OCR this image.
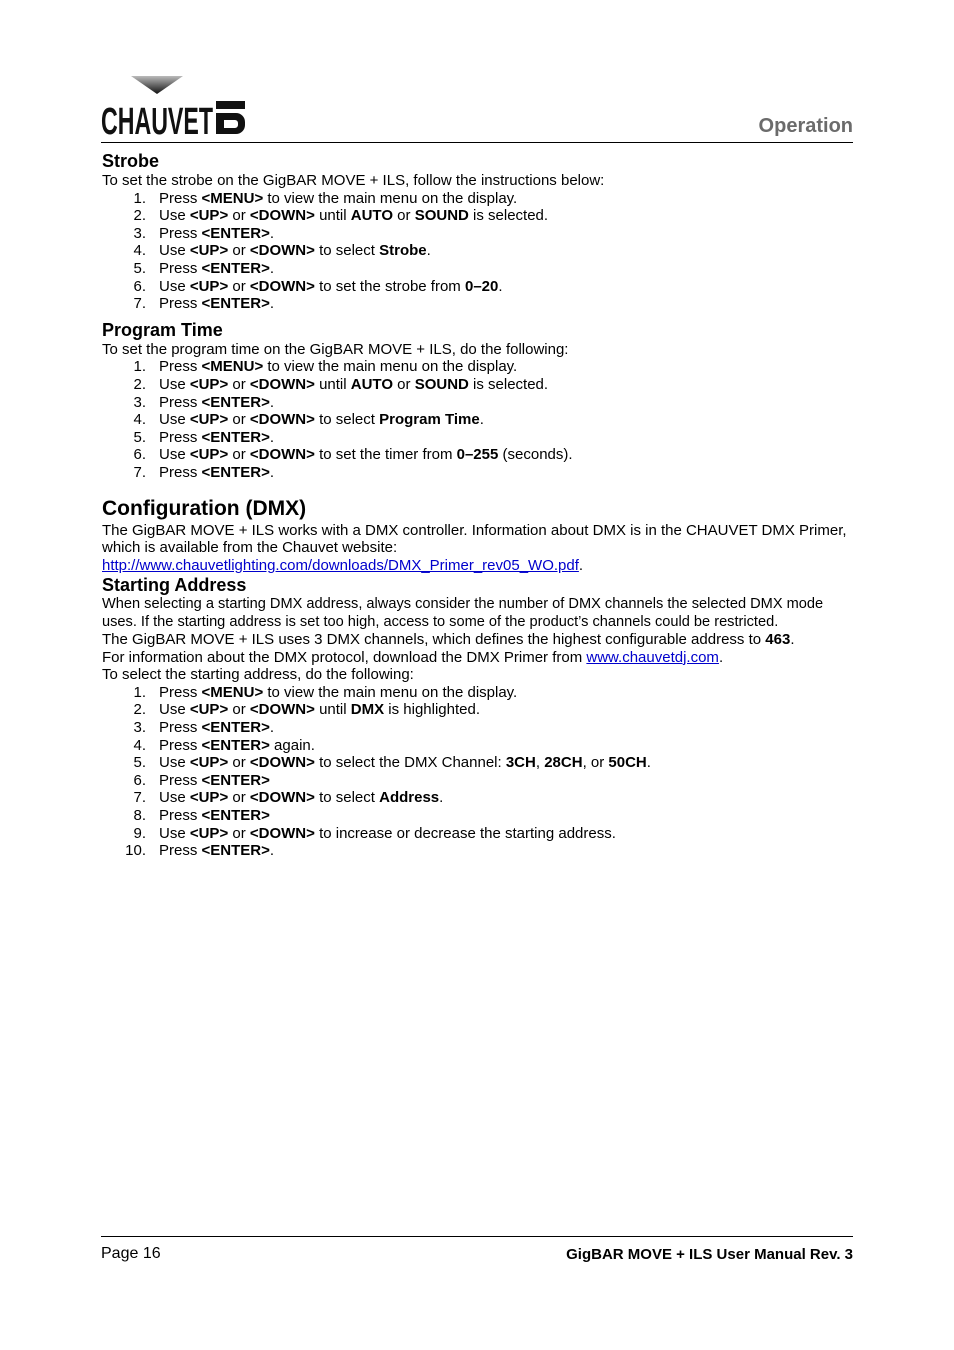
CHAUVET	Operation
Strobe

To set the strobe on the GigBAR MOVE + ILS, follow the instructions below:

1. Press <MENU> to view the main menu on the display.
2. Use <UP> or <DOWN> until AUTO or SOUND is selected.
3. Press <ENTER>.
4. Use <UP> or <DOWN> to select Strobe.
5. Press <ENTER>.
6. Use <UP> or <DOWN> to set the strobe from 0–20.
7. Press <ENTER>.
Program Time

To set the program time on the GigBAR MOVE + ILS, do the following:

1. Press <MENU> to view the main menu on the display.
2. Use <UP> or <DOWN> until AUTO or SOUND is selected.
3. Press <ENTER>.
4. Use <UP> or <DOWN> to select Program Time.
5. Press <ENTER>.
6. Use <UP> or <DOWN> to set the timer from 0–255 (seconds).
7. Press <ENTER>.
Configuration (DMX)

The GigBAR MOVE + ILS works with a DMX controller. Information about DMX is in the CHAUVET DMX Primer, which is available from the Chauvet website:
http://www.chauvetlighting.com/downloads/DMX_Primer_rev05_WO.pdf.

Starting Address

When selecting a starting DMX address, always consider the number of DMX channels the selected DMX mode uses. If the starting address is set too high, access to some of the product’s channels could be restricted.

The GigBAR MOVE + ILS uses 3 DMX channels, which defines the highest configurable address to 463.

For information about the DMX protocol, download the DMX Primer from www.chauvetdj.com.

To select the starting address, do the following:

1. Press <MENU> to view the main menu on the display.
2. Use <UP> or <DOWN> until DMX is highlighted.
3. Press <ENTER>.
4. Press <ENTER> again.
5. Use <UP> or <DOWN> to select the DMX Channel: 3CH, 28CH, or 50CH.
6. Press <ENTER>
7. Use <UP> or <DOWN> to select Address.
8. Press <ENTER>
9. Use <UP> or <DOWN> to increase or decrease the starting address.
10. Press <ENTER>.
Page 16	GigBAR MOVE + ILS User Manual Rev. 3
